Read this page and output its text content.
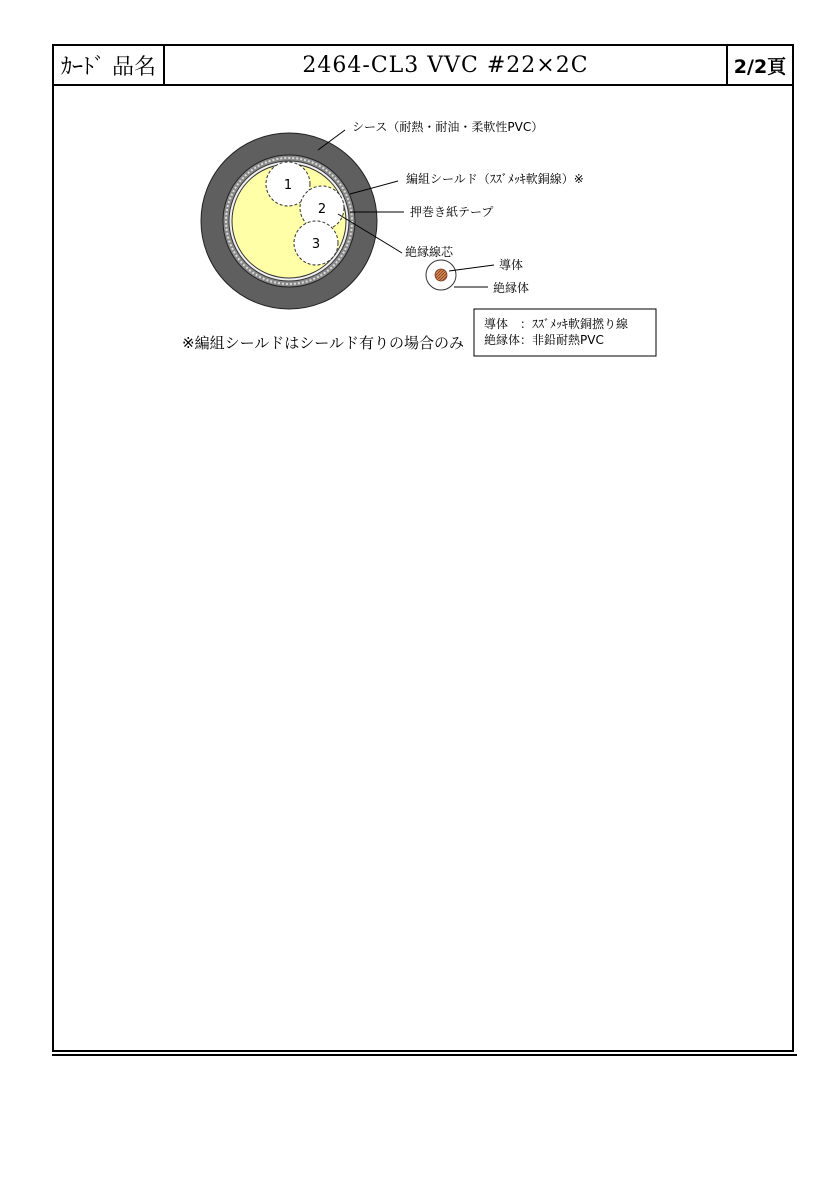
ｶｰﾄﾞ 品名	2464-CL3 VVC #22×2C	2/2頁
1
2
3
シース（耐熱・耐油・柔軟性PVC）
編組シールド（ｽｽﾞﾒｯｷ軟銅線）※
押巻き紙テープ
絶縁線芯
導体
絶縁体
導体　：ｽｽﾞﾒｯｷ軟銅撚り線
絶縁体：非鉛耐熱PVC
※編組シールドはシールド有りの場合のみ
